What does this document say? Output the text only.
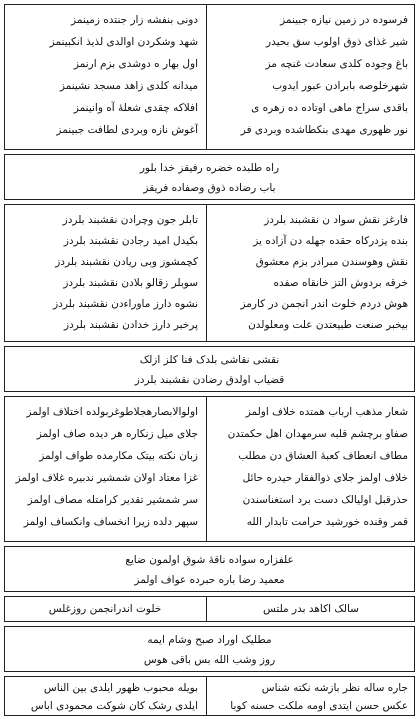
دونی بنفشه زار جنتده زمینمز
شهد وشکردن اوالدی لذیذ انکبینمز
اول بهار ه دوشدی بزم ارنمز
میدانه کلدی زاهد مسجد نشینمز
افلاکه چقدی شعلهٔ آه وانینمز
آغوش نازه وبردی لطافت جبینمز
فرسوده در زمین نیازه جبینمز
شیر غذای ذوق اولوب سق بحیدر
باغ وجوده کلدی سعادت غنچه مز
شهرخلوصه بابرادن عبور ایدوب
باقدی سراج ماهی اوتاده ده زهره ی
نور ظهوری مهدی بنکطاشده وبردی فر
راه طلبده خضره رفیقز خدا بلور
باب رضاده ذوق وصفاده فریقز
تابلر جون وچرادن نقشبند بلردز
بکیدل امید رجادن نقشبند بلردز
کچمشوز وبی ریادن نقشبند بلردز
سوبلر زقالو بلادن نقشبند بلردز
نشوه دارز ماوراءدن نقشبند بلردز
پرخبر دارز خدادن نقشبند بلردز
فارغز نقش سواد ن نقشبند بلردز
بنده یزدرکاه حقده جهله دن آزاده یز
نقش وهوسندن مبرادر بزم معشوق
خرقه بردوش التز خانقاه صفده
هوش دردم خلوت اندر انجمن در کارمز
بیخبر صنعت طبیعتدن علت ومعلولدن
نقشی نقاشی بلدک فنا کلز ازلک
قضیاب اولدق رضادن نقشبند بلردز
اولوالابصارهجلاطوغربولده اختلاف اولمز
جلای میل زنکاره هر دیده صاف اولمز
زبان نکته بیتک مکارمده طواف اولمز
غزا معتاد اولان شمشیر ندبیره غلاف اولمز
سر شمشیر تقدیر کرامتله مصاف اولمز
سپهر دلده زیرا انخساف وانکساف اولمز
شعار مذهب ارباب همتده خلاف اولمز
صفاو برچشم قلبه سرمهدان اهل حکمتدن
مطاف انعطاف کعبهٔ العشاق دن مطلب
خلاف اولمز جلای ذوالفقار حیدره حائل
حذرقبل اولیالک دست برد استغناسندن
قمر وقنده خورشید حرامت تابدار الله
علفزاره سواده ناقهٔ شوق اولمون ضایع
معمید رضا باره حبرده عواف اولمز
خلوت اندرانجمن روزغلس	سالک اکاهد بدر ملتس
مطلیک اوراد صبح وشام ایمه
روز وشب الله بس باقی هوس
بویله محبوب ظهور ایلدی بین الناس
ایلدی رشک کان شوکت محمودی اباس
جاره ساله نظر بازشه نکته شناس
عکس حسن ایتدی اومه ملکت حسنه کوبا
